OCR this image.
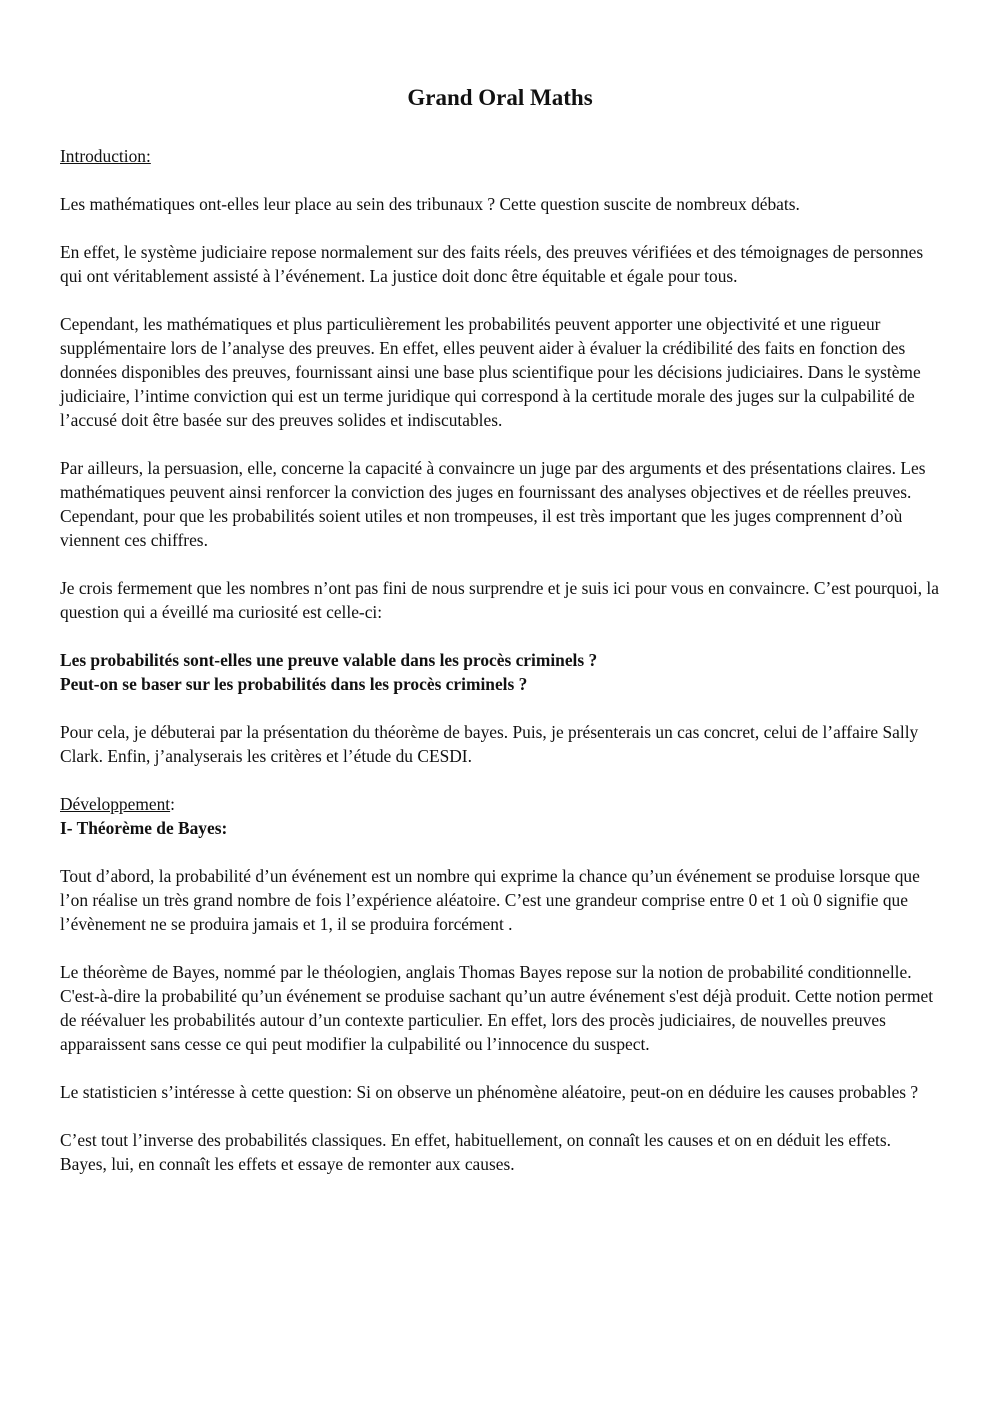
Grand Oral Maths

Introduction:

Les mathématiques ont-elles leur place au sein des tribunaux ? Cette question suscite de nombreux débats.

En effet, le système judiciaire repose normalement sur des faits réels, des preuves vérifiées et des témoignages de personnes qui ont véritablement assisté à l’événement. La justice doit donc être équitable et égale pour tous.

Cependant, les mathématiques et plus particulièrement les probabilités peuvent apporter une objectivité et une rigueur supplémentaire lors de l’analyse des preuves. En effet, elles peuvent aider à évaluer la crédibilité des faits en fonction des données disponibles des preuves, fournissant ainsi une base plus scientifique pour les décisions judiciaires. Dans le système judiciaire, l’intime conviction qui est un terme juridique qui correspond à la certitude morale des juges sur la culpabilité de l’accusé doit être basée sur des preuves solides et indiscutables.

Par ailleurs, la persuasion, elle, concerne la capacité à convaincre un juge par des arguments et des présentations claires. Les mathématiques peuvent ainsi renforcer la conviction des juges en fournissant des analyses objectives et de réelles preuves. Cependant, pour que les probabilités soient utiles et non trompeuses, il est très important que les juges comprennent d’où viennent ces chiffres.

Je crois fermement que les nombres n’ont pas fini de nous surprendre et je suis ici pour vous en convaincre. C’est pourquoi, la question qui a éveillé ma curiosité est celle-ci:

Les probabilités sont-elles une preuve valable dans les procès criminels ?
Peut-on se baser sur les probabilités dans les procès criminels ?

Pour cela, je débuterai par la présentation du théorème de bayes. Puis, je présenterais un cas concret, celui de l’affaire Sally Clark. Enfin, j’analyserais les critères et l’étude du CESDI.

Développement:
I- Théorème de Bayes:

Tout d’abord, la probabilité d’un événement est un nombre qui exprime la chance qu’un événement se produise lorsque que l’on réalise un très grand nombre de fois l’expérience aléatoire. C’est une grandeur comprise entre 0 et 1 où 0 signifie que l’évènement ne se produira jamais et 1, il se produira forcément .

Le théorème de Bayes, nommé par le théologien, anglais Thomas Bayes repose sur la notion de probabilité conditionnelle. C'est-à-dire la probabilité qu’un événement se produise sachant qu’un autre événement s'est déjà produit. Cette notion permet de réévaluer les probabilités autour d’un contexte particulier. En effet, lors des procès judiciaires, de nouvelles preuves apparaissent sans cesse ce qui peut modifier la culpabilité ou l’innocence du suspect.

Le statisticien s’intéresse à cette question: Si on observe un phénomène aléatoire, peut-on en déduire les causes probables ?

C’est tout l’inverse des probabilités classiques. En effet, habituellement, on connaît les causes et on en déduit les effets. Bayes, lui, en connaît les effets et essaye de remonter aux causes.
